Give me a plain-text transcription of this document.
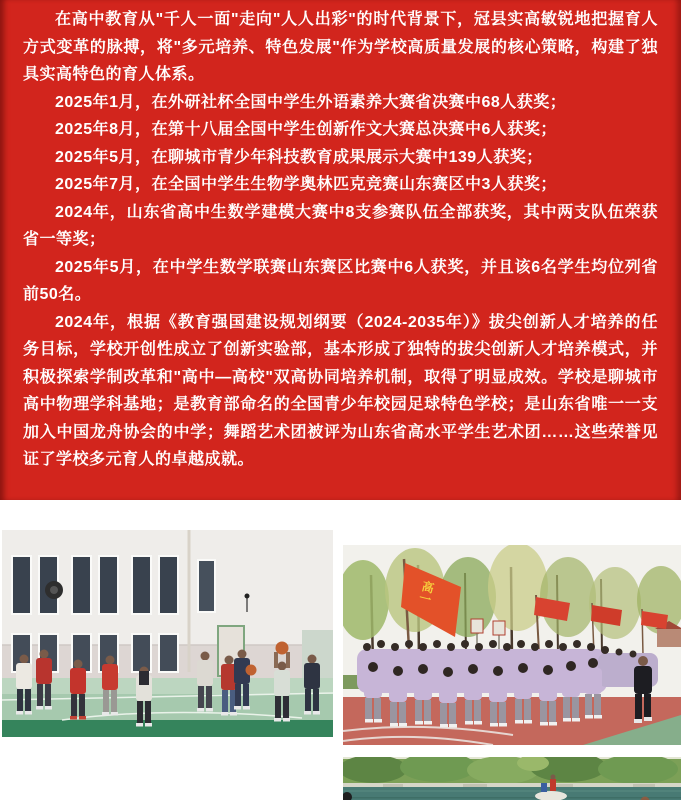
在高中教育从"千人一面"走向"人人出彩"的时代背景下，冠县实高敏锐地把握育人方式变革的脉搏，将"多元培养、特色发展"作为学校高质量发展的核心策略，构建了独具实高特色的育人体系。

2025年1月，在外研社杯全国中学生外语素养大赛省决赛中68人获奖；

2025年8月，在第十八届全国中学生创新作文大赛总决赛中6人获奖；

2025年5月，在聊城市青少年科技教育成果展示大赛中139人获奖；

2025年7月，在全国中学生生物学奥林匹克竞赛山东赛区中3人获奖；

2024年，山东省高中生数学建模大赛中8支参赛队伍全部获奖，其中两支队伍荣获省一等奖；

2025年5月，在中学生数学联赛山东赛区比赛中6人获奖，并且该6名学生均位列省前50名。

2024年，根据《教育强国建设规划纲要（2024-2035年）》拔尖创新人才培养的任务目标，学校开创性成立了创新实验部，基本形成了独特的拔尖创新人才培养模式，并积极探索学制改革和"高中—高校"双高协同培养机制，取得了明显成效。学校是聊城市高中物理学科基地；是教育部命名的全国青少年校园足球特色学校；是山东省唯一一支加入中国龙舟协会的中学；舞蹈艺术团被评为山东省高水平学生艺术团……这些荣誉见证了学校多元育人的卓越成就。

高一
